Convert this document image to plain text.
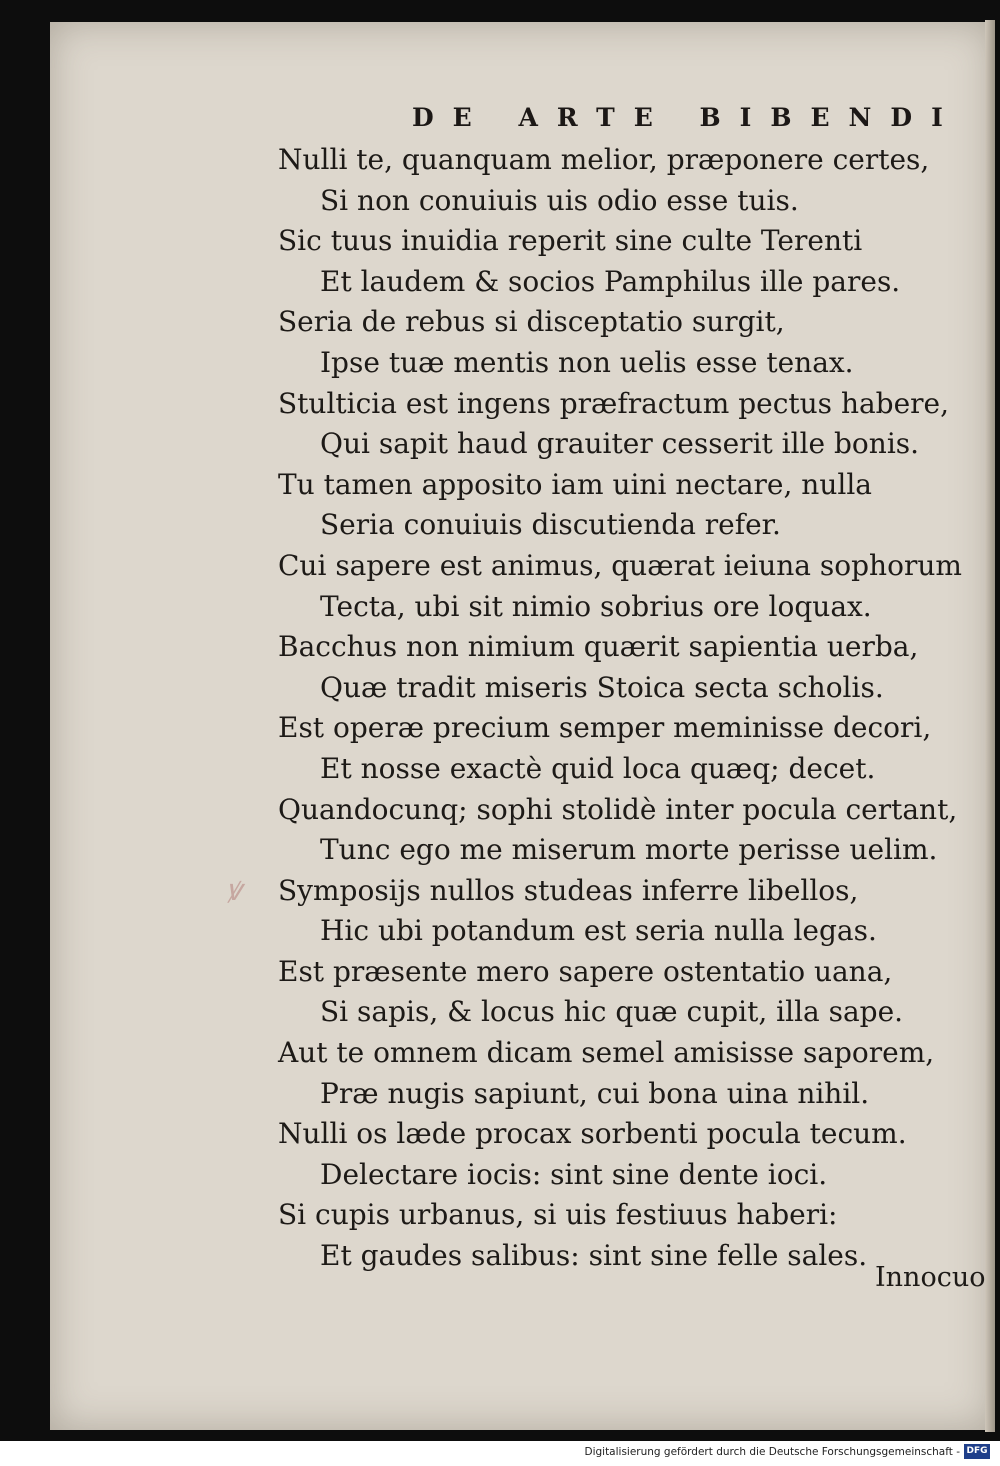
DE ARTE BIBENDI
Nulli te, quanquam melior, præponere certes,
Si non conuiuis uis odio esse tuis.
Sic tuus inuidia reperit sine culte Terenti
Et laudem & socios Pamphilus ille pares.
Seria de rebus si disceptatio surgit,
Ipse tuæ mentis non uelis esse tenax.
Stulticia est ingens præfractum pectus habere,
Qui sapit haud grauiter cesserit ille bonis.
Tu tamen apposito iam uini nectare, nulla
Seria conuiuis discutienda refer.
Cui sapere est animus, quærat ieiuna sophorum
Tecta, ubi sit nimio sobrius ore loquax.
Bacchus non nimium quærit sapientia uerba,
Quæ tradit miseris Stoica secta scholis.
Est operæ precium semper meminisse decori,
Et nosse exactè quid loca quæq; decet.
Quandocunq; sophi stolidè inter pocula certant,
Tunc ego me miserum morte perisse uelim.
Symposijs nullos studeas inferre libellos,
Hic ubi potandum est seria nulla legas.
Est præsente mero sapere ostentatio uana,
Si sapis, & locus hic quæ cupit, illa sape.
Aut te omnem dicam semel amisisse saporem,
Præ nugis sapiunt, cui bona uina nihil.
Nulli os læde procax sorbenti pocula tecum.
Delectare iocis: sint sine dente ioci.
Si cupis urbanus, si uis festiuus haberi:
Et gaudes salibus: sint sine felle sales.
ꝟ
Innocuo
Digitalisierung gefördert durch die Deutsche Forschungsgemeinschaft - DFG
